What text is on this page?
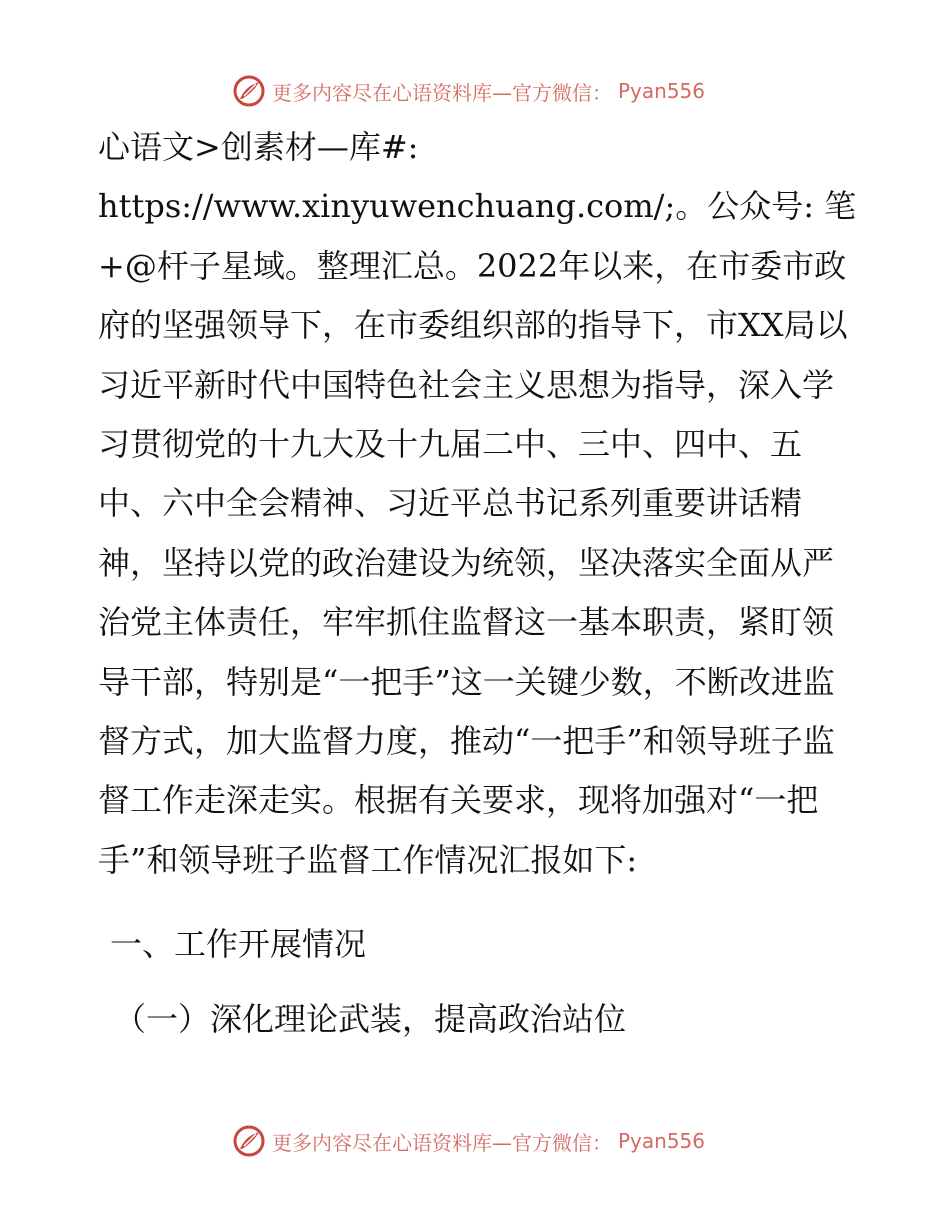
更多内容尽在心语资料库—官方微信： Pyan556

心语文>创素材—库#: https://www.xinyuwenchuang.com/;。公众号: 笔+@杆子星域。整理汇总。2022年以来，在市委市政府的坚强领导下，在市委组织部的指导下，市XX局以习近平新时代中国特色社会主义思想为指导，深入学习贯彻党的十九大及十九届二中、三中、四中、五中、六中全会精神、习近平总书记系列重要讲话精神，坚持以党的政治建设为统领，坚决落实全面从严治党主体责任，牢牢抓住监督这一基本职责，紧盯领导干部，特别是“一把手”这一关键少数，不断改进监督方式，加大监督力度，推动“一把手”和领导班子监督工作走深走实。根据有关要求，现将加强对“一把手”和领导班子监督工作情况汇报如下:

一、工作开展情况
（一）深化理论武装，提高政治站位
更多内容尽在心语资料库—官方微信： Pyan556
